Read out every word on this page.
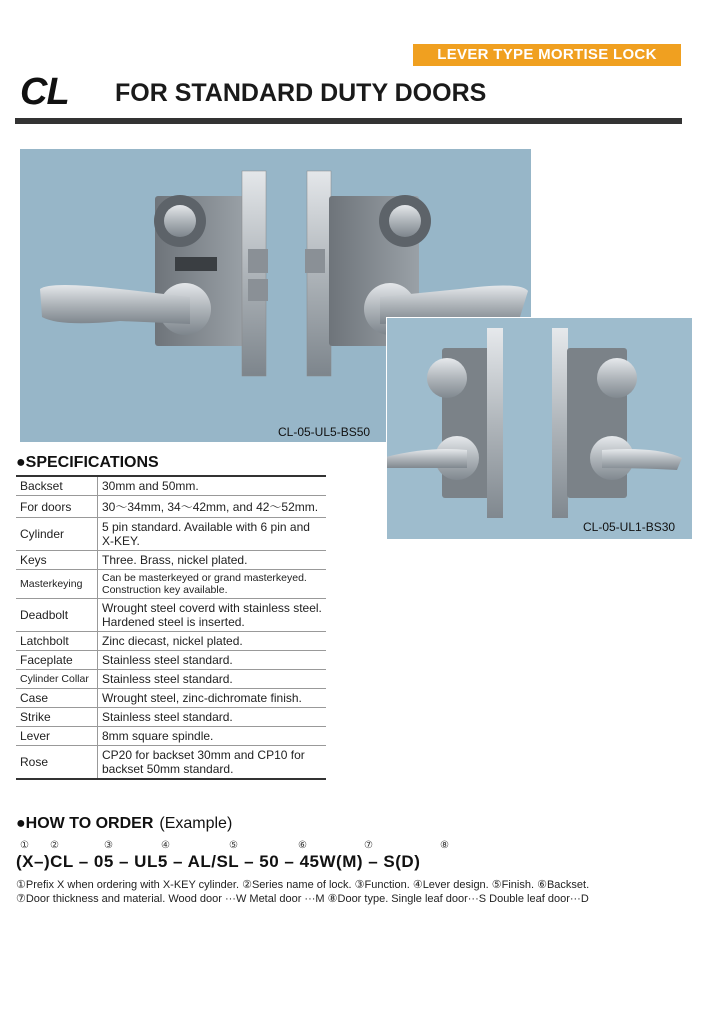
LEVER TYPE MORTISE LOCK
CL FOR STANDARD DUTY DOORS
CL-05-UL5-BS50
CL-05-UL1-BS30
●SPECIFICATIONS
Backset	30mm and 50mm.
For doors	30～34mm, 34～42mm, and 42～52mm.
Cylinder	5 pin standard. Available with 6 pin and X-KEY.
Keys	Three. Brass, nickel plated.
Masterkeying	Can be masterkeyed or grand masterkeyed. Construction key available.
Deadbolt	Wrought steel coverd with stainless steel. Hardened steel is inserted.
Latchbolt	Zinc diecast, nickel plated.
Faceplate	Stainless steel standard.
Cylinder Collar	Stainless steel standard.
Case	Wrought steel, zinc-dichromate finish.
Strike	Stainless steel standard.
Lever	8mm square spindle.
Rose	CP20 for backset 30mm and CP10 for backset 50mm standard.
●HOW TO ORDER (Example)
① ②	③	④	⑤	⑥	⑦	⑧
(X–)CL – 05 – UL5 – AL/SL – 50 – 45W(M) – S(D)
①Prefix X when ordering with X-KEY cylinder. ②Series name of lock. ③Function. ④Lever design. ⑤Finish. ⑥Backset.
⑦Door thickness and material. Wood door ···W Metal door ···M ⑧Door type. Single leaf door···S Double leaf door···D
